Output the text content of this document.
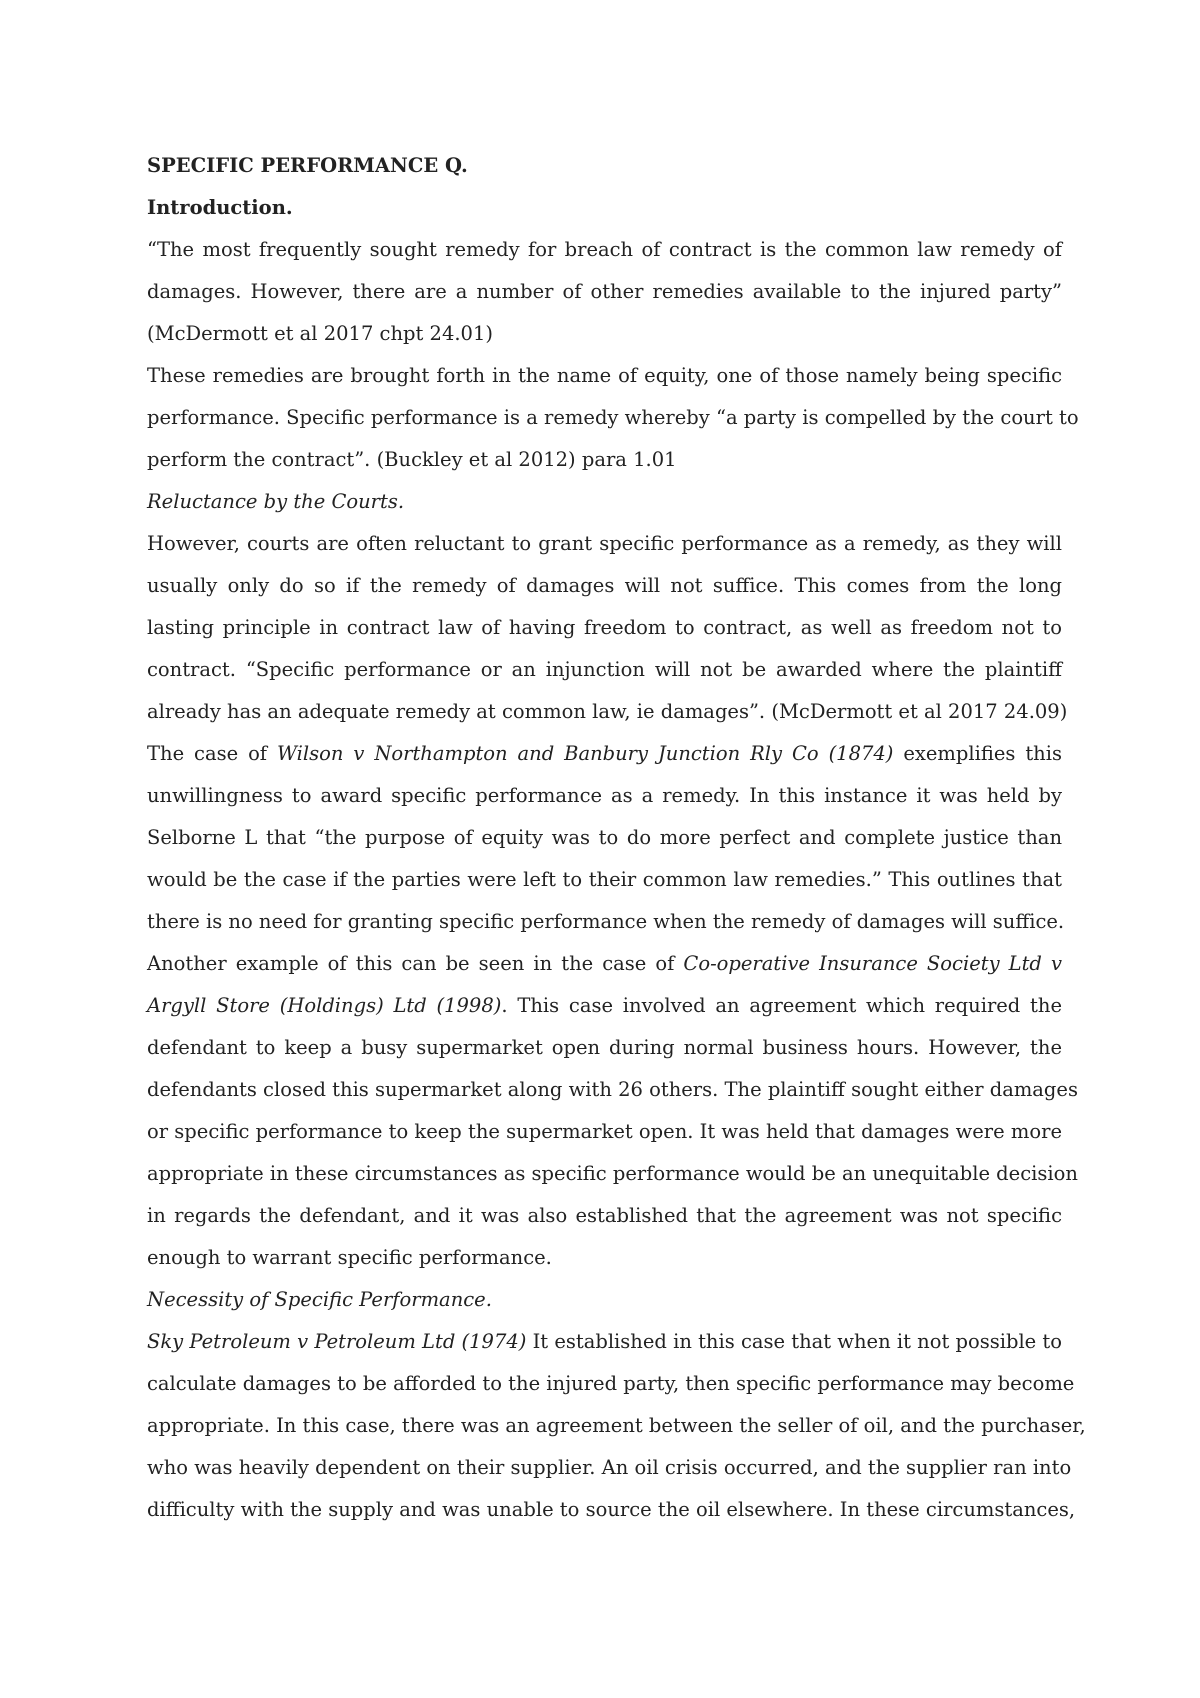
SPECIFIC PERFORMANCE Q.
Introduction.
“The most frequently sought remedy for breach of contract is the common law remedy of
damages. However, there are a number of other remedies available to the injured party”
(McDermott et al 2017 chpt 24.01)
These remedies are brought forth in the name of equity, one of those namely being specific
performance. Specific performance is a remedy whereby “a party is compelled by the court to
perform the contract”. (Buckley et al 2012) para 1.01
Reluctance by the Courts.
However, courts are often reluctant to grant specific performance as a remedy, as they will
usually only do so if the remedy of damages will not suffice. This comes from the long
lasting principle in contract law of having freedom to contract, as well as freedom not to
contract. “Specific performance or an injunction will not be awarded where the plaintiff
already has an adequate remedy at common law, ie damages”. (McDermott et al 2017 24.09)
The case of Wilson v Northampton and Banbury Junction Rly Co (1874) exemplifies this
unwillingness to award specific performance as a remedy. In this instance it was held by
Selborne L that “the purpose of equity was to do more perfect and complete justice than
would be the case if the parties were left to their common law remedies.” This outlines that
there is no need for granting specific performance when the remedy of damages will suffice.
Another example of this can be seen in the case of Co-operative Insurance Society Ltd v
Argyll Store (Holdings) Ltd (1998). This case involved an agreement which required the
defendant to keep a busy supermarket open during normal business hours. However, the
defendants closed this supermarket along with 26 others. The plaintiff sought either damages
or specific performance to keep the supermarket open. It was held that damages were more
appropriate in these circumstances as specific performance would be an unequitable decision
in regards the defendant, and it was also established that the agreement was not specific
enough to warrant specific performance.
Necessity of Specific Performance.
Sky Petroleum v Petroleum Ltd (1974) It established in this case that when it not possible to
calculate damages to be afforded to the injured party, then specific performance may become
appropriate. In this case, there was an agreement between the seller of oil, and the purchaser,
who was heavily dependent on their supplier. An oil crisis occurred, and the supplier ran into
difficulty with the supply and was unable to source the oil elsewhere. In these circumstances,
